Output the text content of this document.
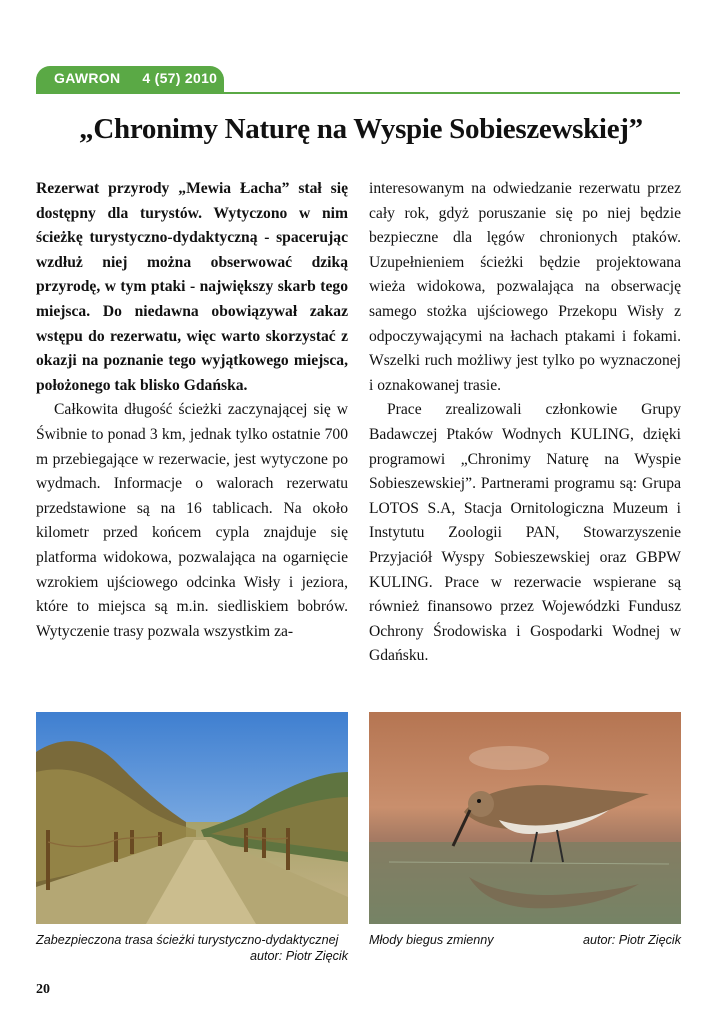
GAWRON 4 (57) 2010
„Chronimy Naturę na Wyspie Sobieszewskiej”

Rezerwat przyrody „Mewia Łacha” stał się dostępny dla turystów. Wytyczono w nim ścieżkę turystyczno-dydaktyczną - spacerując wzdłuż niej można obserwować dziką przyrodę, w tym ptaki - największy skarb tego miejsca. Do niedawna obowiązywał zakaz wstępu do rezerwatu, więc warto skorzystać z okazji na poznanie tego wyjątkowego miejsca, położonego tak blisko Gdańska.

Całkowita długość ścieżki zaczynającej się w Świbnie to ponad 3 km, jednak tylko ostatnie 700 m przebiegające w rezerwacie, jest wytyczone po wydmach. Informacje o walorach rezerwatu przedstawione są na 16 tablicach. Na około kilometr przed końcem cypla znajduje się platforma widokowa, pozwalająca na ogarnięcie wzrokiem ujściowego odcinka Wisły i jeziora, które to miejsca są m.in. siedliskiem bobrów. Wytyczenie trasy pozwala wszystkim za-

interesowanym na odwiedzanie rezerwatu przez cały rok, gdyż poruszanie się po niej będzie bezpieczne dla lęgów chronionych ptaków. Uzupełnieniem ścieżki będzie projektowana wieża widokowa, pozwalająca na obserwację samego stożka ujściowego Przekopu Wisły z odpoczywającymi na łachach ptakami i fokami. Wszelki ruch możliwy jest tylko po wyznaczonej i oznakowanej trasie.

Prace zrealizowali członkowie Grupy Badawczej Ptaków Wodnych KULING, dzięki programowi „Chronimy Naturę na Wyspie Sobieszewskiej”. Partnerami programu są: Grupa LOTOS S.A, Stacja Ornitologiczna Muzeum i Instytutu Zoologii PAN, Stowarzyszenie Przyjaciół Wyspy Sobieszewskiej oraz GBPW KULING. Prace w rezerwacie wspierane są również finansowo przez Wojewódzki Fundusz Ochrony Środowiska i Gospodarki Wodnej w Gdańsku.

Zabezpieczona trasa ścieżki turystyczno-dydaktycznej
autor: Piotr Zięcik
autor: Piotr Zięcik
Młody biegus zmienny
20
